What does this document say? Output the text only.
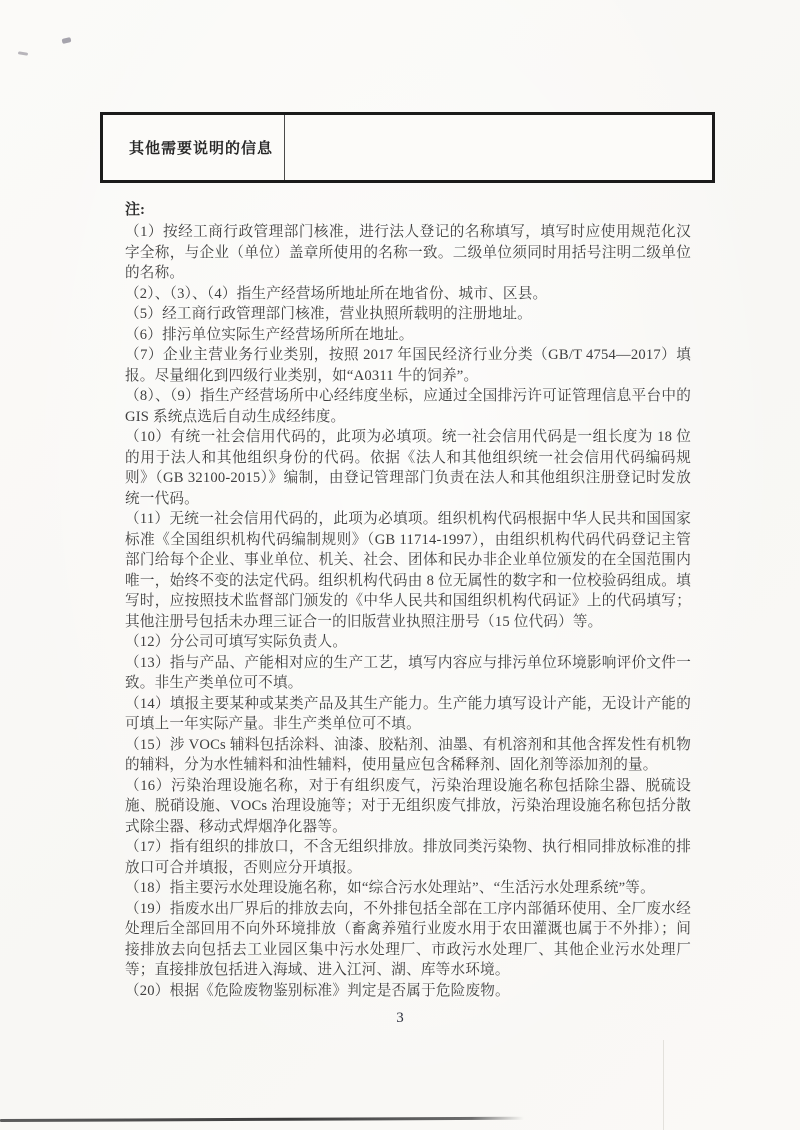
其他需要说明的信息
注:

（1）按经工商行政管理部门核准，进行法人登记的名称填写，填写时应使用规范化汉字全称，与企业（单位）盖章所使用的名称一致。二级单位须同时用括号注明二级单位的名称。

（2）、（3）、（4）指生产经营场所地址所在地省份、城市、区县。

（5）经工商行政管理部门核准，营业执照所载明的注册地址。

（6）排污单位实际生产经营场所所在地址。

（7）企业主营业务行业类别，按照 2017 年国民经济行业分类（GB/T 4754—2017）填报。尽量细化到四级行业类别，如“A0311 牛的饲养”。

（8）、（9）指生产经营场所中心经纬度坐标，应通过全国排污许可证管理信息平台中的 GIS 系统点选后自动生成经纬度。

（10）有统一社会信用代码的，此项为必填项。统一社会信用代码是一组长度为 18 位的用于法人和其他组织身份的代码。依据《法人和其他组织统一社会信用代码编码规则》（GB 32100-2015）》编制，由登记管理部门负责在法人和其他组织注册登记时发放统一代码。

（11）无统一社会信用代码的，此项为必填项。组织机构代码根据中华人民共和国国家标准《全国组织机构代码编制规则》（GB 11714-1997），由组织机构代码代码登记主管部门给每个企业、事业单位、机关、社会、团体和民办非企业单位颁发的在全国范围内唯一，始终不变的法定代码。组织机构代码由 8 位无属性的数字和一位校验码组成。填写时，应按照技术监督部门颁发的《中华人民共和国组织机构代码证》上的代码填写；其他注册号包括未办理三证合一的旧版营业执照注册号（15 位代码）等。

（12）分公司可填写实际负责人。

（13）指与产品、产能相对应的生产工艺，填写内容应与排污单位环境影响评价文件一致。非生产类单位可不填。

（14）填报主要某种或某类产品及其生产能力。生产能力填写设计产能，无设计产能的可填上一年实际产量。非生产类单位可不填。

（15）涉 VOCs 辅料包括涂料、油漆、胶粘剂、油墨、有机溶剂和其他含挥发性有机物的辅料，分为水性辅料和油性辅料，使用量应包含稀释剂、固化剂等添加剂的量。

（16）污染治理设施名称，对于有组织废气，污染治理设施名称包括除尘器、脱硫设施、脱硝设施、VOCs 治理设施等；对于无组织废气排放，污染治理设施名称包括分散式除尘器、移动式焊烟净化器等。

（17）指有组织的排放口，不含无组织排放。排放同类污染物、执行相同排放标准的排放口可合并填报，否则应分开填报。

（18）指主要污水处理设施名称，如“综合污水处理站”、“生活污水处理系统”等。

（19）指废水出厂界后的排放去向，不外排包括全部在工序内部循环使用、全厂废水经处理后全部回用不向外环境排放（畜禽养殖行业废水用于农田灌溉也属于不外排）；间接排放去向包括去工业园区集中污水处理厂、市政污水处理厂、其他企业污水处理厂等；直接排放包括进入海域、进入江河、湖、库等水环境。

（20）根据《危险废物鉴别标准》判定是否属于危险废物。

3
